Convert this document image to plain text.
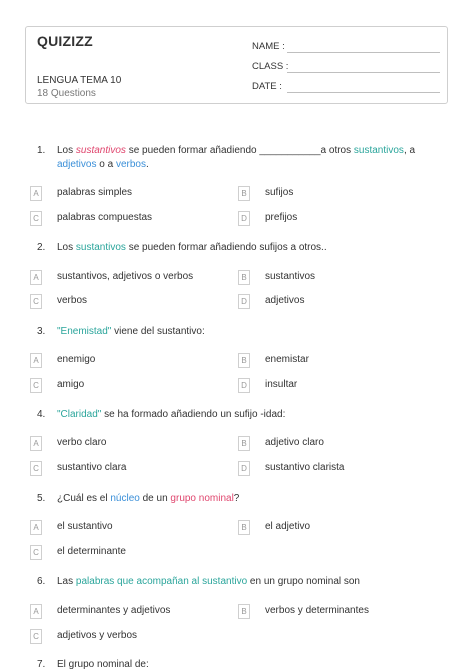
QUIZIZZ
LENGUA TEMA 10
18 Questions
NAME :
CLASS :
DATE :
1.	Los sustantivos se pueden formar añadiendo ___________a otros sustantivos, a adjetivos o a verbos.
A	palabras simples	B	sufijos
C	palabras compuestas	D	prefijos
2.	Los sustantivos se pueden formar añadiendo sufijos a otros..
A	sustantivos, adjetivos o verbos	B	sustantivos
C	verbos	D	adjetivos
3.	"Enemistad" viene del sustantivo:
A	enemigo	B	enemistar
C	amigo	D	insultar
4.	"Claridad" se ha formado añadiendo un sufijo -idad:
A	verbo claro	B	adjetivo claro
C	sustantivo clara	D	sustantivo clarista
5.	¿Cuál es el núcleo de un grupo nominal?
A	el sustantivo	B	el adjetivo
C	el determinante
6.	Las palabras que acompañan al sustantivo en un grupo nominal son
A	determinantes y adjetivos	B	verbos y determinantes
C	adjetivos y verbos
7.	El grupo nominal de:
